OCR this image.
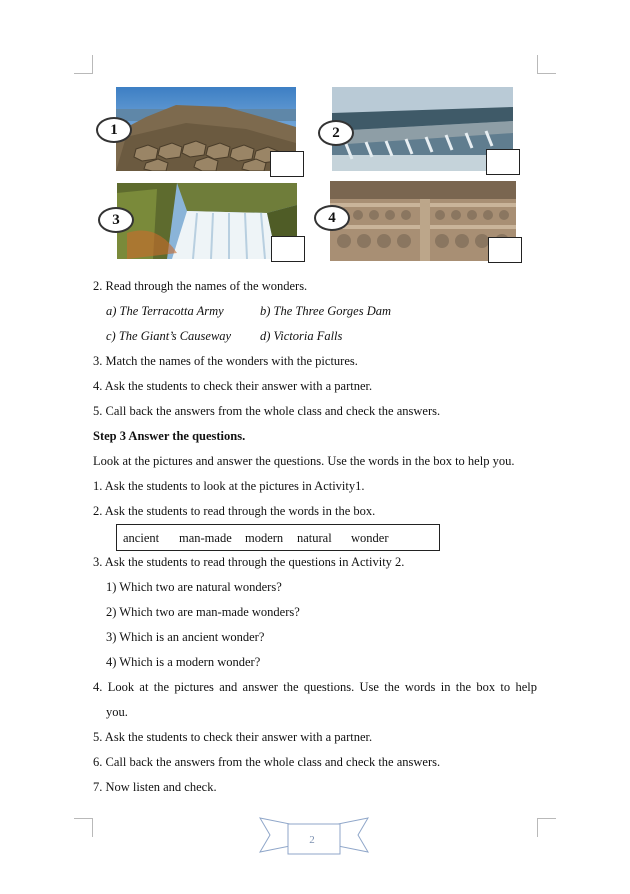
1	2
3	4
2. Read through the names of the wonders.
a) The Terracotta Army	b) The Three Gorges Dam
c) The Giant’s Causeway d) Victoria Falls
3. Match the names of the wonders with the pictures.
4. Ask the students to check their answer with a partner.
5. Call back the answers from the whole class and check the answers.
Step 3 Answer the questions.
Look at the pictures and answer the questions. Use the words in the box to help you.
1. Ask the students to look at the pictures in Activity1.
2. Ask the students to read through the words in the box.
ancient man-made modern natural wonder
3. Ask the students to read through the questions in Activity 2.
1) Which two are natural wonders?
2) Which two are man-made wonders?
3) Which is an ancient wonder?
4) Which is a modern wonder?
4. Look at the pictures and answer the questions. Use the words in the box to help
you.
5. Ask the students to check their answer with a partner.
6. Call back the answers from the whole class and check the answers.
7. Now listen and check.
2
